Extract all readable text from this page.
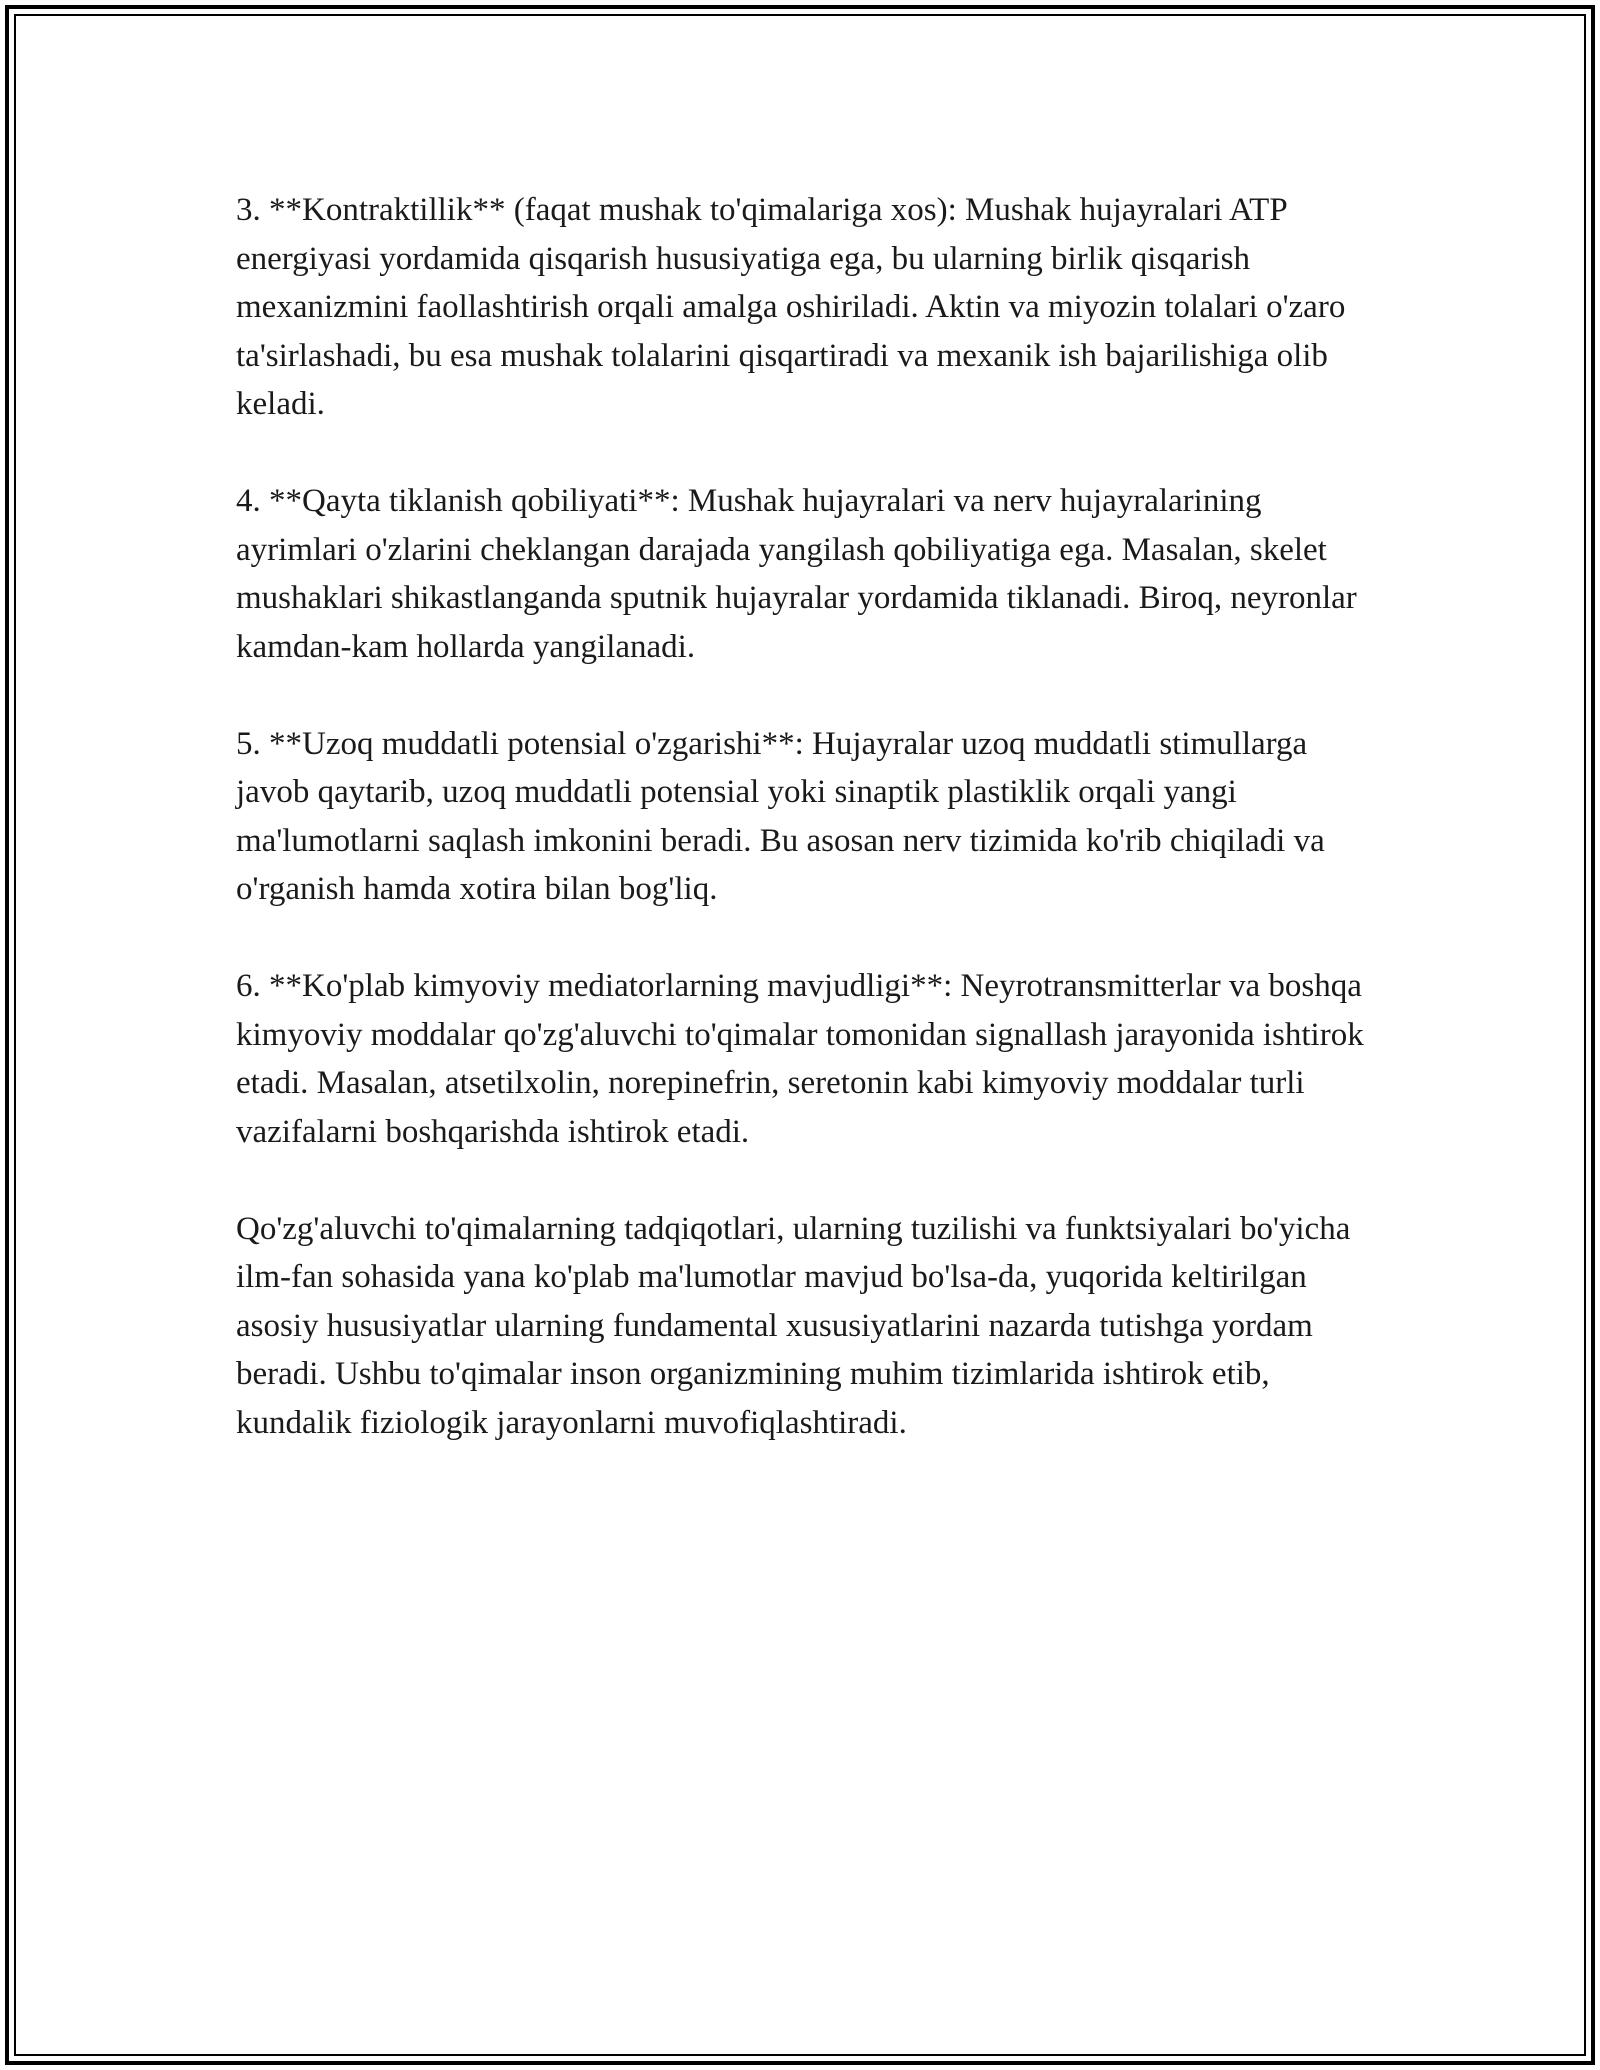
3. **Kontraktillik** (faqat mushak to'qimalariga xos): Mushak hujayralari ATP energiyasi yordamida qisqarish hususiyatiga ega, bu ularning birlik qisqarish mexanizmini faollashtirish orqali amalga oshiriladi. Aktin va miyozin tolalari o'zaro ta'sirlashadi, bu esa mushak tolalarini qisqartiradi va mexanik ish bajarilishiga olib keladi.

4. **Qayta tiklanish qobiliyati**: Mushak hujayralari va nerv hujayralarining ayrimlari o'zlarini cheklangan darajada yangilash qobiliyatiga ega. Masalan, skelet mushaklari shikastlanganda sputnik hujayralar yordamida tiklanadi. Biroq, neyronlar kamdan-kam hollarda yangilanadi.

5. **Uzoq muddatli potensial o'zgarishi**: Hujayralar uzoq muddatli stimullarga javob qaytarib, uzoq muddatli potensial yoki sinaptik plastiklik orqali yangi ma'lumotlarni saqlash imkonini beradi. Bu asosan nerv tizimida ko'rib chiqiladi va o'rganish hamda xotira bilan bog'liq.

6. **Ko'plab kimyoviy mediatorlarning mavjudligi**: Neyrotransmitterlar va boshqa kimyoviy moddalar qo'zg'aluvchi to'qimalar tomonidan signallash jarayonida ishtirok etadi. Masalan, atsetilxolin, norepinefrin, seretonin kabi kimyoviy moddalar turli vazifalarni boshqarishda ishtirok etadi.

Qo'zg'aluvchi to'qimalarning tadqiqotlari, ularning tuzilishi va funktsiyalari bo'yicha ilm-fan sohasida yana ko'plab ma'lumotlar mavjud bo'lsa-da, yuqorida keltirilgan asosiy hususiyatlar ularning fundamental xususiyatlarini nazarda tutishga yordam beradi. Ushbu to'qimalar inson organizmining muhim tizimlarida ishtirok etib, kundalik fiziologik jarayonlarni muvofiqlashtiradi.
